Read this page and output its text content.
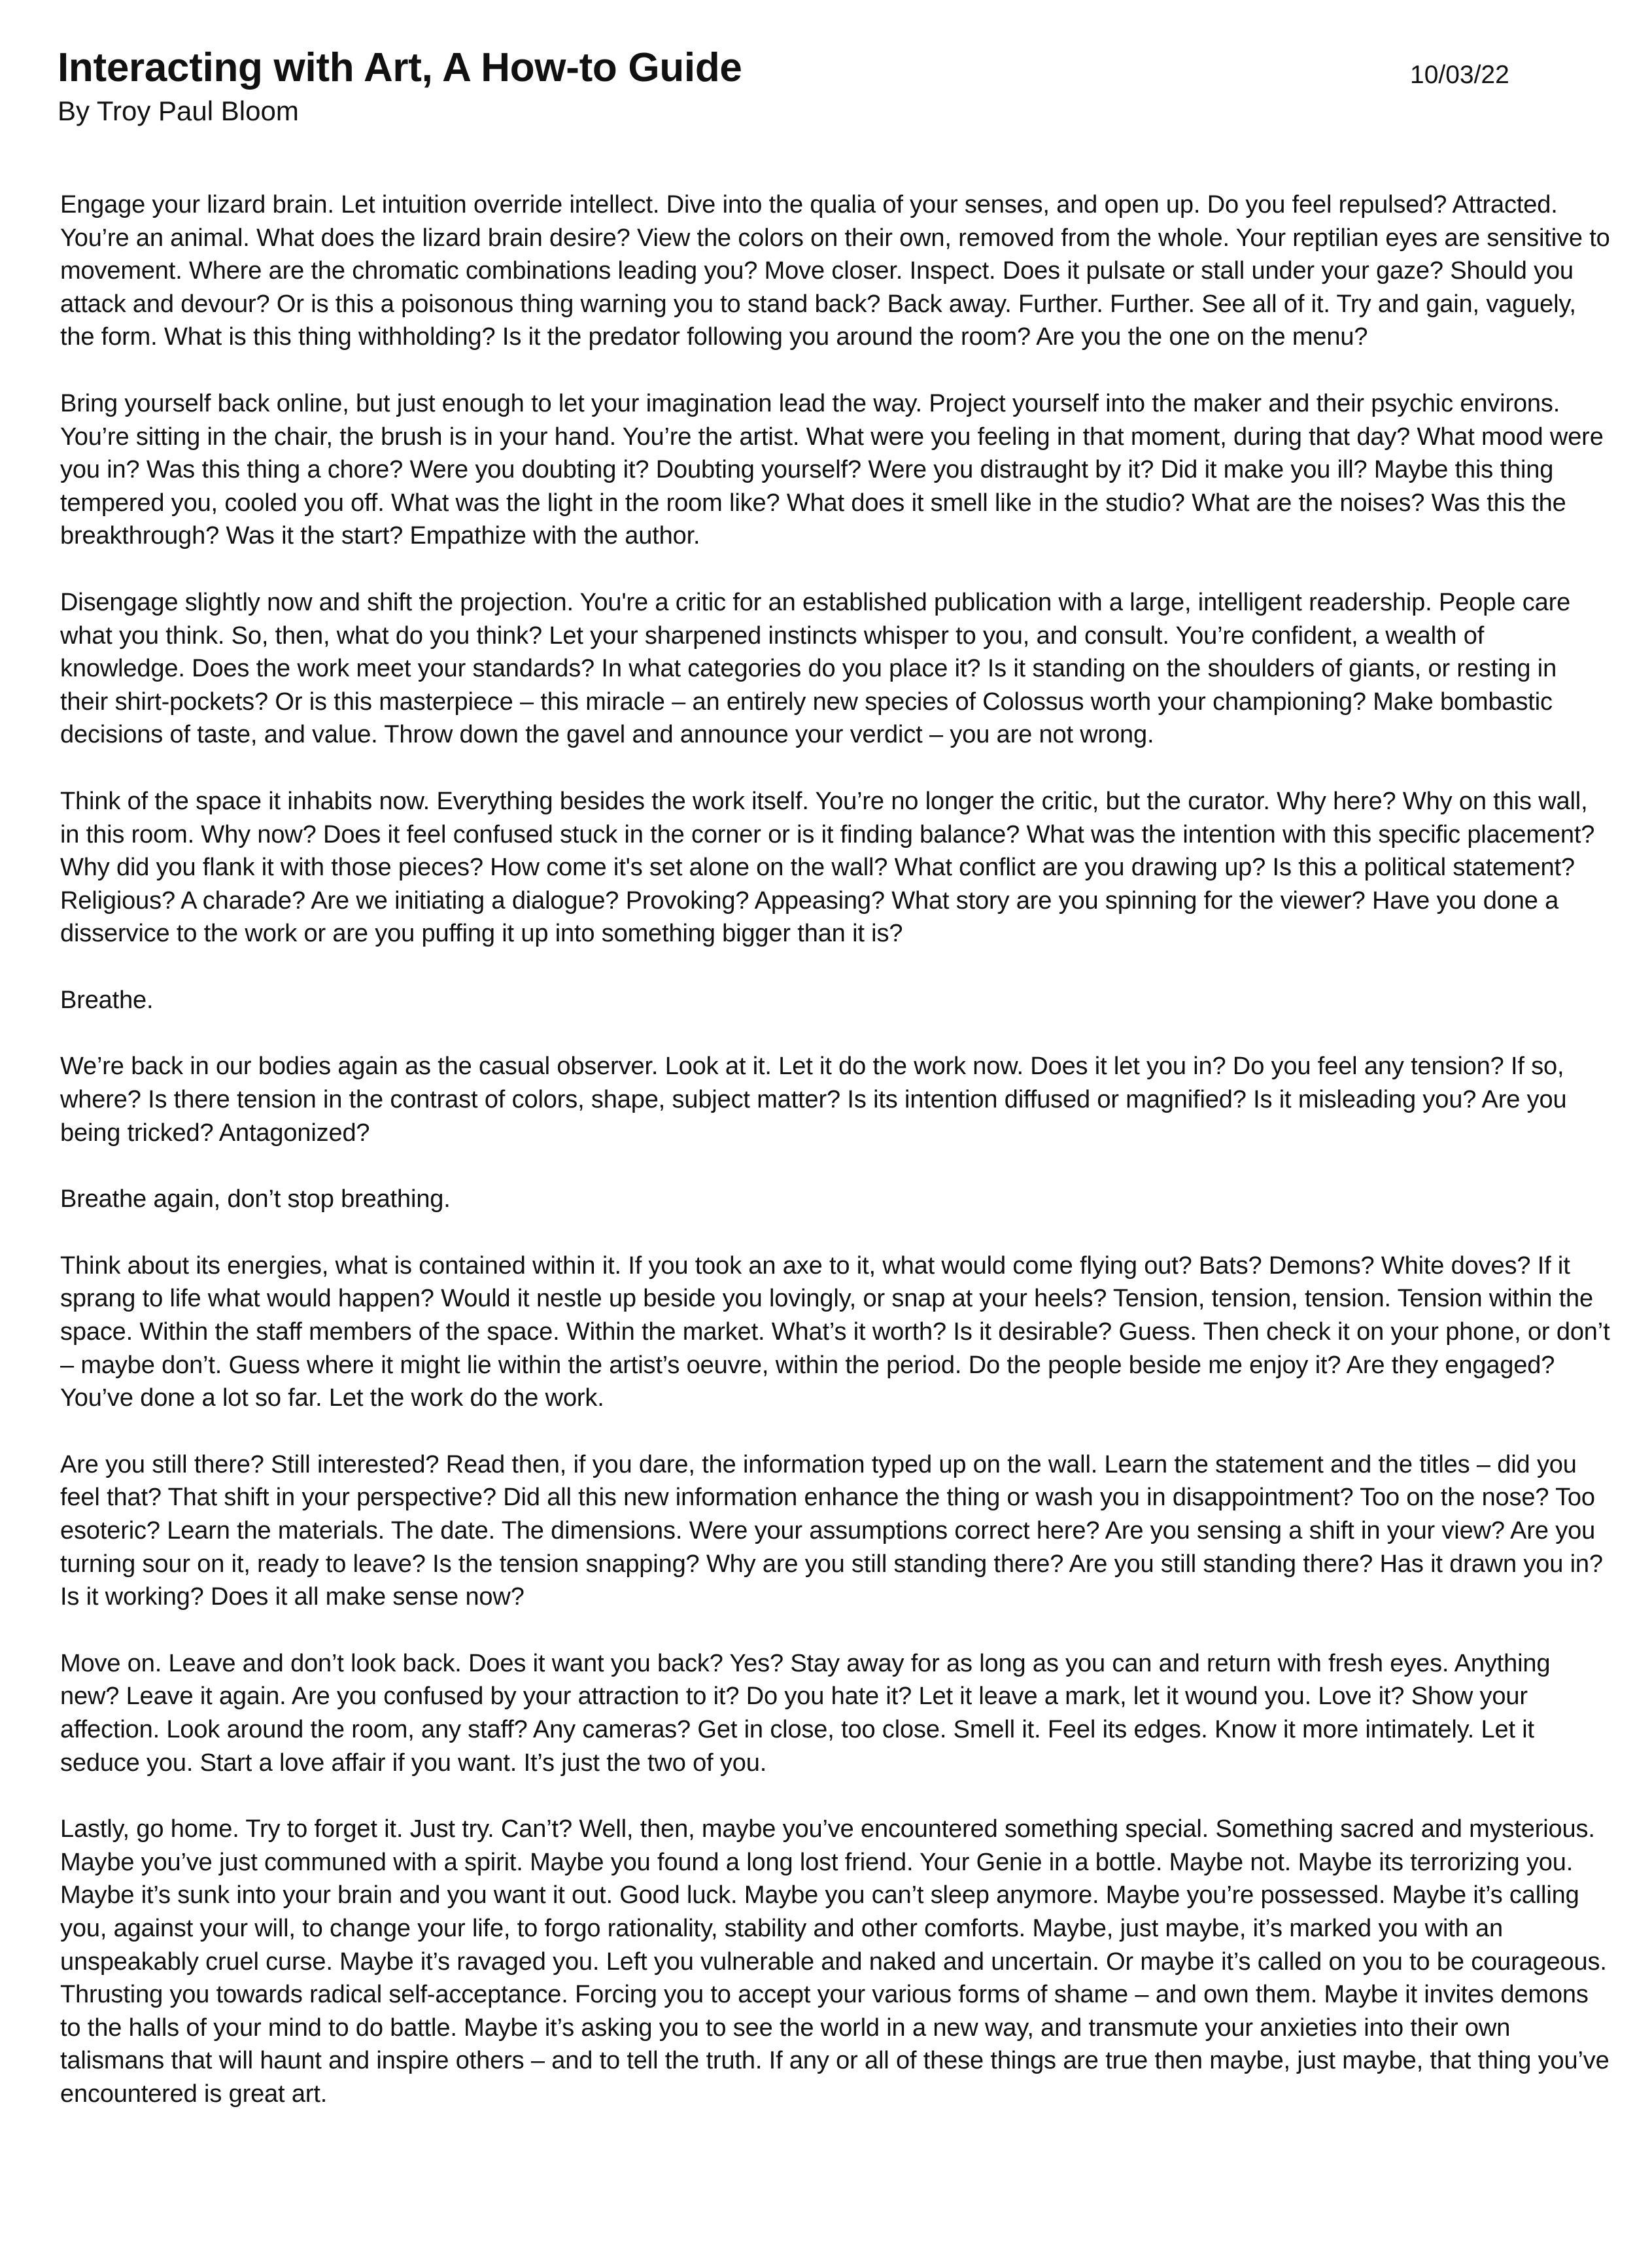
Interacting with Art, A How-to Guide	10/03/22
By Troy Paul Bloom

Engage your lizard brain. Let intuition override intellect. Dive into the qualia of your senses, and open up. Do you feel repulsed? Attracted. You’re an animal. What does the lizard brain desire? View the colors on their own, removed from the whole. Your reptilian eyes are sensitive to movement. Where are the chromatic combinations leading you? Move closer. Inspect. Does it pulsate or stall under your gaze? Should you attack and devour? Or is this a poisonous thing warning you to stand back? Back away. Further. Further. See all of it. Try and gain, vaguely, the form. What is this thing withholding? Is it the predator following you around the room? Are you the one on the menu?

Bring yourself back online, but just enough to let your imagination lead the way. Project yourself into the maker and their psychic environs. You’re sitting in the chair, the brush is in your hand. You’re the artist. What were you feeling in that moment, during that day? What mood were you in? Was this thing a chore? Were you doubting it? Doubting yourself? Were you distraught by it? Did it make you ill? Maybe this thing tempered you, cooled you off. What was the light in the room like? What does it smell like in the studio? What are the noises? Was this the breakthrough? Was it the start? Empathize with the author.

Disengage slightly now and shift the projection. You're a critic for an established publication with a large, intelligent readership. People care what you think. So, then, what do you think? Let your sharpened instincts whisper to you, and consult. You’re confident, a wealth of knowledge. Does the work meet your standards? In what categories do you place it? Is it standing on the shoulders of giants, or resting in their shirt-pockets? Or is this masterpiece – this miracle – an entirely new species of Colossus worth your championing? Make bombastic decisions of taste, and value. Throw down the gavel and announce your verdict – you are not wrong.

Think of the space it inhabits now. Everything besides the work itself. You’re no longer the critic, but the curator. Why here? Why on this wall, in this room. Why now? Does it feel confused stuck in the corner or is it finding balance? What was the intention with this specific placement? Why did you flank it with those pieces? How come it's set alone on the wall? What conflict are you drawing up? Is this a political statement? Religious? A charade? Are we initiating a dialogue? Provoking? Appeasing? What story are you spinning for the viewer? Have you done a disservice to the work or are you puffing it up into something bigger than it is?

Breathe.

We’re back in our bodies again as the casual observer. Look at it. Let it do the work now. Does it let you in? Do you feel any tension? If so, where? Is there tension in the contrast of colors, shape, subject matter? Is its intention diffused or magnified? Is it misleading you? Are you being tricked? Antagonized?

Breathe again, don’t stop breathing.

Think about its energies, what is contained within it. If you took an axe to it, what would come flying out? Bats? Demons? White doves? If it sprang to life what would happen? Would it nestle up beside you lovingly, or snap at your heels? Tension, tension, tension. Tension within the space. Within the staff members of the space. Within the market. What’s it worth? Is it desirable? Guess. Then check it on your phone, or don’t – maybe don’t. Guess where it might lie within the artist’s oeuvre, within the period. Do the people beside me enjoy it? Are they engaged? You’ve done a lot so far. Let the work do the work.

Are you still there? Still interested? Read then, if you dare, the information typed up on the wall. Learn the statement and the titles – did you feel that? That shift in your perspective? Did all this new information enhance the thing or wash you in disappointment? Too on the nose? Too esoteric? Learn the materials. The date. The dimensions. Were your assumptions correct here? Are you sensing a shift in your view? Are you turning sour on it, ready to leave? Is the tension snapping? Why are you still standing there? Are you still standing there? Has it drawn you in? Is it working? Does it all make sense now?

Move on. Leave and don’t look back. Does it want you back? Yes? Stay away for as long as you can and return with fresh eyes. Anything new? Leave it again. Are you confused by your attraction to it? Do you hate it? Let it leave a mark, let it wound you. Love it? Show your affection. Look around the room, any staff? Any cameras? Get in close, too close. Smell it. Feel its edges. Know it more intimately. Let it seduce you. Start a love affair if you want. It’s just the two of you.

Lastly, go home. Try to forget it. Just try. Can’t? Well, then, maybe you’ve encountered something special. Something sacred and mysterious. Maybe you’ve just communed with a spirit. Maybe you found a long lost friend. Your Genie in a bottle. Maybe not. Maybe its terrorizing you. Maybe it’s sunk into your brain and you want it out. Good luck. Maybe you can’t sleep anymore. Maybe you’re possessed. Maybe it’s calling you, against your will, to change your life, to forgo rationality, stability and other comforts. Maybe, just maybe, it’s marked you with an unspeakably cruel curse. Maybe it’s ravaged you. Left you vulnerable and naked and uncertain. Or maybe it’s called on you to be courageous. Thrusting you towards radical self-acceptance. Forcing you to accept your various forms of shame – and own them. Maybe it invites demons to the halls of your mind to do battle. Maybe it’s asking you to see the world in a new way, and transmute your anxieties into their own talismans that will haunt and inspire others – and to tell the truth. If any or all of these things are true then maybe, just maybe, that thing you’ve encountered is great art.
